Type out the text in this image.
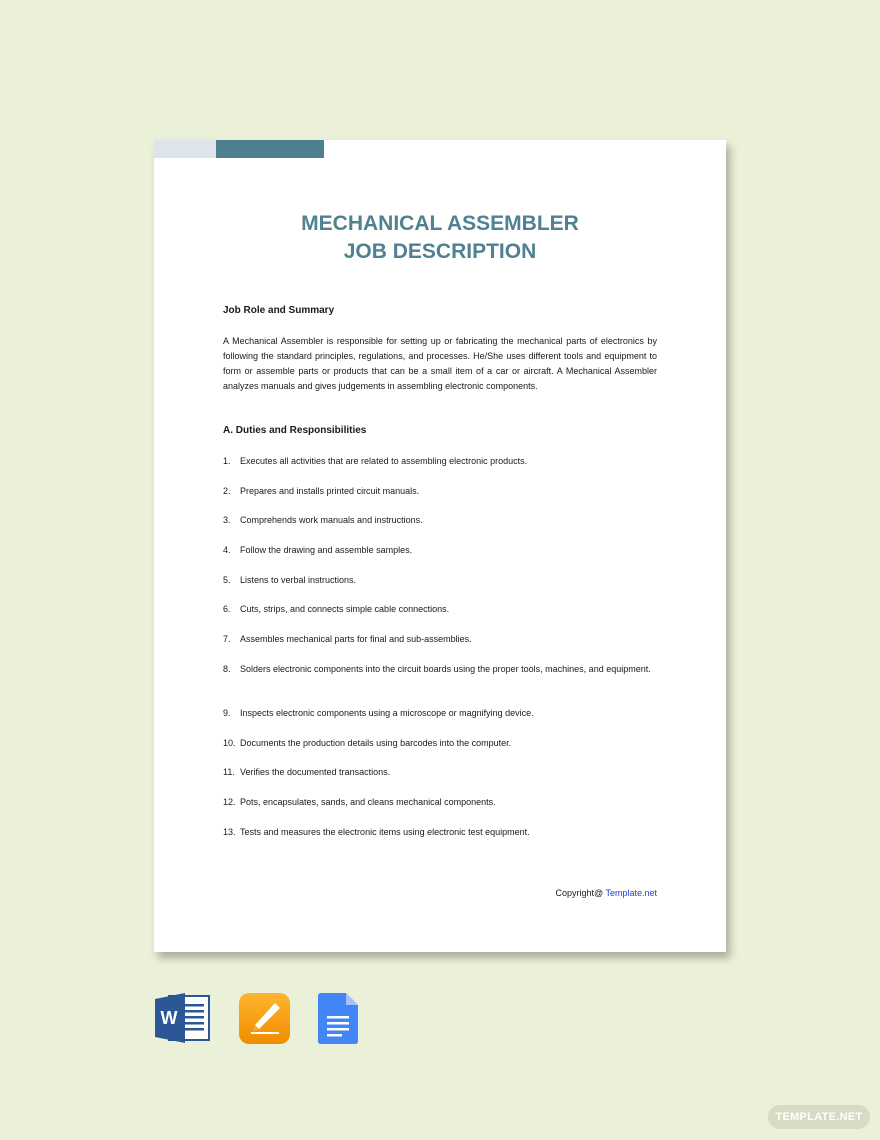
MECHANICAL ASSEMBLER
JOB DESCRIPTION
Job Role and Summary
A Mechanical Assembler is responsible for setting up or fabricating the mechanical parts of electronics by following the standard principles, regulations, and processes. He/She uses different tools and equipment to form or assemble parts or products that can be a small item of a car or aircraft. A Mechanical Assembler analyzes manuals and gives judgements in assembling electronic components.
A. Duties and Responsibilities
1.	Executes all activities that are related to assembling electronic products.
2.	Prepares and installs printed circuit manuals.
3.	Comprehends work manuals and instructions.
4.	Follow the drawing and assemble samples.
5.	Listens to verbal instructions.
6.	Cuts, strips, and connects simple cable connections.
7.	Assembles mechanical parts for final and sub-assemblies.
8.	Solders electronic components into the circuit boards using the proper tools, machines, and equipment.
9.	Inspects electronic components using a microscope or magnifying device.
10. Documents the production details using barcodes into the computer.
11. Verifies the documented transactions.
12. Pots, encapsulates, sands, and cleans mechanical components.
13. Tests and measures the electronic items using electronic test equipment.
Copyright@ Template.net
W
TEMPLATE.NET
